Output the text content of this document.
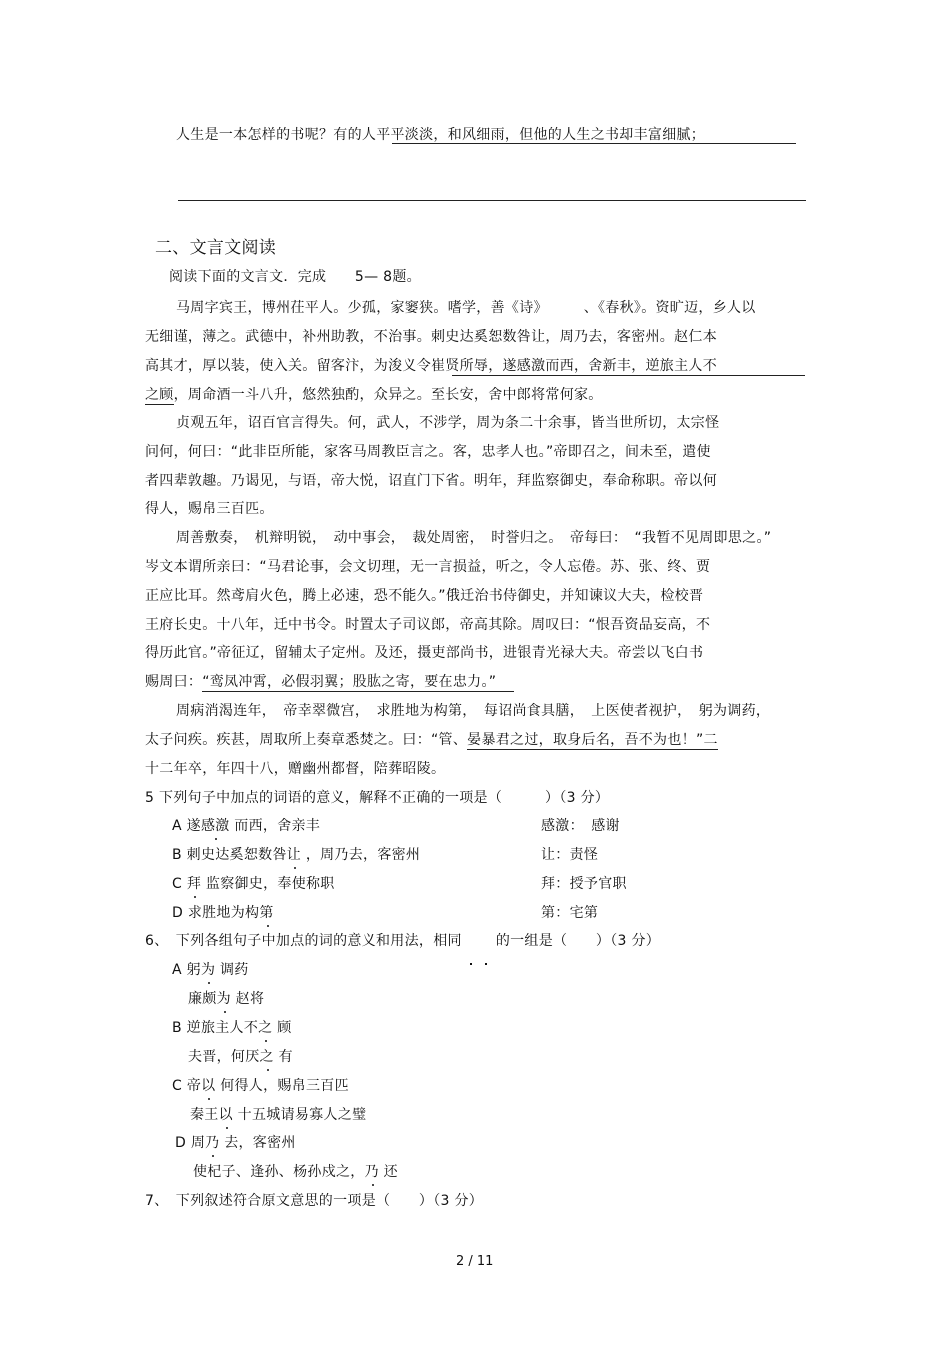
人生是一本怎样的书呢？有的人平平淡淡，和风细雨，但他的人生之书却丰富细腻；
二、文言文阅读
阅读下面的文言文．完成　　5— 8题。
马周字宾王，博州茌平人。少孤，家窭狭。嗜学，善《诗》　　　、《春秋》。资旷迈，乡人以
无细谨，薄之。武德中，补州助教，不治事。刺史达奚恕数咎让，周乃去，客密州。赵仁本
高其才，厚以装，使入关。留客汴，为浚义令崔贤所辱，遂感激而西，舍新丰，逆旅主人不
之顾，周命酒一斗八升，悠然独酌，众异之。至长安，舍中郎将常何家。
贞观五年，诏百官言得失。何，武人，不涉学，周为条二十余事，皆当世所切，太宗怪
问何，何曰：“此非臣所能，家客马周教臣言之。客，忠孝人也。”帝即召之，间未至，遣使
者四辈敦趣。乃谒见，与语，帝大悦，诏直门下省。明年，拜监察御史，奉命称职。帝以何
得人，赐帛三百匹。
周善敷奏，　机辩明锐，　动中事会，　裁处周密，　时誉归之。　帝每曰：　“我暂不见周即思之。”
岑文本谓所亲曰：“马君论事，会文切理，无一言损益，听之，令人忘倦。苏、张、终、贾
正应比耳。然鸢肩火色，腾上必速，恐不能久。”俄迁治书侍御史，并知谏议大夫，检校晋
王府长史。十八年，迁中书令。时置太子司议郎，帝高其除。周叹曰：“恨吾资品妄高，不
得历此官。”帝征辽，留辅太子定州。及还，摄吏部尚书，进银青光禄大夫。帝尝以飞白书
赐周曰：“鸾凤冲霄，必假羽翼；股肱之寄，要在忠力。”
周病消渴连年，　帝幸翠微宫，　求胜地为构第，　每诏尚食具膳，　上医使者视护，　躬为调药，
太子问疾。疾甚，周取所上奏章悉焚之。曰：“管、晏暴君之过，取身后名，吾不为也！”二
十二年卒，年四十八，赠幽州都督，陪葬昭陵。
5 下列句子中加点的词语的意义，解释不正确的一项是（　　　）（3 分）
A 遂感激 而西，舍亲丰	感激：　感谢
B 刺史达奚恕数咎让 ，周乃去，客密州	让：责怪
C 拜 监察御史，奉使称职	拜：授予官职
D 求胜地为构第	第：宅第
6、　下列各组句子中加点的词的意义和用法，相同 的一组是（　　）（3 分）
A 躬为 调药
廉颇为 赵将
B 逆旅主人不之 顾
夫晋，何厌之 有
C 帝以 何得人，赐帛三百匹
秦王以 十五城请易寡人之璧
D 周乃 去，客密州
使杞子、逢孙、杨孙戍之，乃 还
7、　下列叙述符合原文意思的一项是（　　）（3 分）
2 / 11
